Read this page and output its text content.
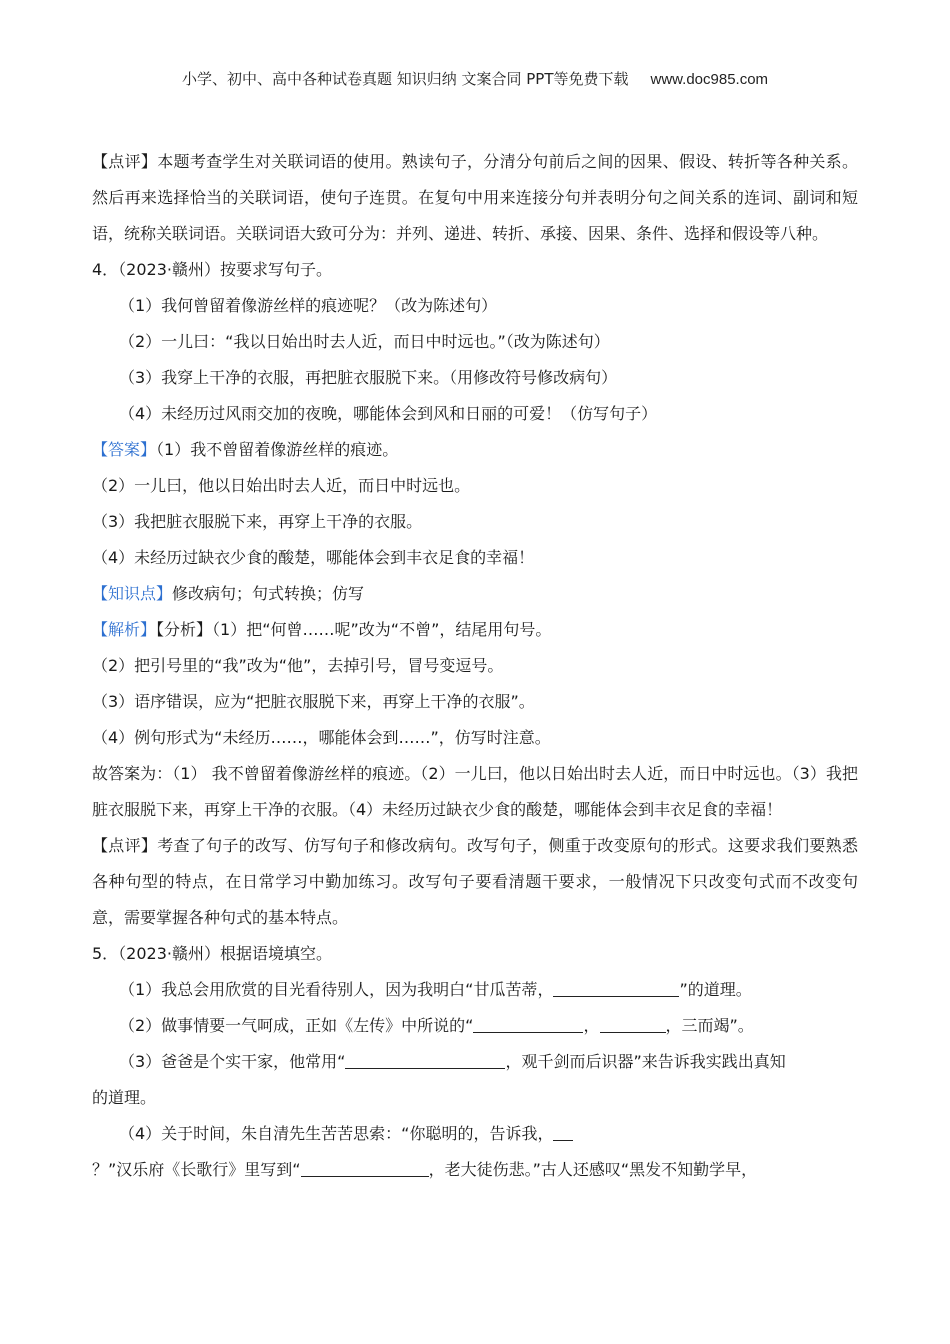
小学、初中、高中各种试卷真题 知识归纳 文案合同 PPT等免费下载 www.doc985.com

【点评】本题考查学生对关联词语的使用。熟读句子，分清分句前后之间的因果、假设、转折等各种关系。然后再来选择恰当的关联词语，使句子连贯。在复句中用来连接分句并表明分句之间关系的连词、副词和短语，统称关联词语。关联词语大致可分为：并列、递进、转折、承接、因果、条件、选择和假设等八种。

4．（2023·赣州）按要求写句子。

（1）我何曾留着像游丝样的痕迹呢？（改为陈述句）

（2）一儿曰：“我以日始出时去人近，而日中时远也。”（改为陈述句）

（3）我穿上干净的衣服，再把脏衣服脱下来。（用修改符号修改病句）

（4）未经历过风雨交加的夜晚，哪能体会到风和日丽的可爱！（仿写句子）

【答案】（1）我不曾留着像游丝样的痕迹。

（2）一儿曰，他以日始出时去人近，而日中时远也。

（3）我把脏衣服脱下来，再穿上干净的衣服。

（4）未经历过缺衣少食的酸楚，哪能体会到丰衣足食的幸福！

【知识点】修改病句；句式转换；仿写

【解析】【分析】（1）把“何曾……呢”改为“不曾”，结尾用句号。

（2）把引号里的“我”改为“他”，去掉引号，冒号变逗号。

（3）语序错误，应为“把脏衣服脱下来，再穿上干净的衣服”。

（4）例句形式为“未经历……，哪能体会到……”，仿写时注意。

故答案为：（1） 我不曾留着像游丝样的痕迹。（2）一儿曰，他以日始出时去人近，而日中时远也。（3）我把脏衣服脱下来，再穿上干净的衣服。（4）未经历过缺衣少食的酸楚，哪能体会到丰衣足食的幸福！

【点评】考查了句子的改写、仿写句子和修改病句。改写句子，侧重于改变原句的形式。这要求我们要熟悉各种句型的特点，在日常学习中勤加练习。改写句子要看清题干要求，一般情况下只改变句式而不改变句意，需要掌握各种句式的基本特点。

5．（2023·赣州）根据语境填空。

（1）我总会用欣赏的目光看待别人，因为我明白“甘瓜苦蒂，	”的道理。

（2）做事情要一气呵成，正如《左传》中所说的“	，	，三而竭”。

（3）爸爸是个实干家，他常用“	，观千剑而后识器”来告诉我实践出真知

的道理。

（4）关于时间，朱自清先生苦苦思索：“你聪明的，告诉我，

？”汉乐府《长歌行》里写到“	，老大徒伤悲。”古人还感叹“黑发不知勤学早，
